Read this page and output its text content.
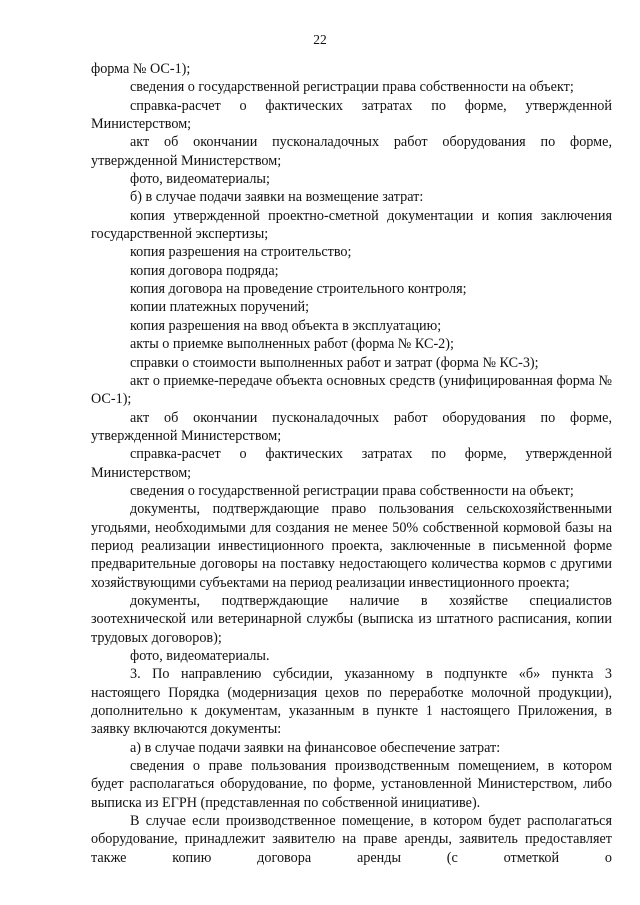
22

форма № ОС-1);

сведения о государственной регистрации права собственности на объект;

справка-расчет о фактических затратах по форме, утвержденной Министерством;

акт об окончании пусконаладочных работ оборудования по форме, утвержденной Министерством;

фото, видеоматериалы;

б) в случае подачи заявки на возмещение затрат:

копия утвержденной проектно-сметной документации и копия заключения государственной экспертизы;

копия разрешения на строительство;

копия договора подряда;

копия договора на проведение строительного контроля;

копии платежных поручений;

копия разрешения на ввод объекта в эксплуатацию;

акты о приемке выполненных работ (форма № КС-2);

справки о стоимости выполненных работ и затрат (форма № КС-3);

акт о приемке-передаче объекта основных средств (унифицированная форма № ОС-1);

акт об окончании пусконаладочных работ оборудования по форме, утвержденной Министерством;

справка-расчет о фактических затратах по форме, утвержденной Министерством;

сведения о государственной регистрации права собственности на объект;

документы, подтверждающие право пользования сельскохозяйственными угодьями, необходимыми для создания не менее 50% собственной кормовой базы на период реализации инвестиционного проекта, заключенные в письменной форме предварительные договоры на поставку недостающего количества кормов с другими хозяйствующими субъектами на период реализации инвестиционного проекта;

документы, подтверждающие наличие в хозяйстве специалистов зоотехнической или ветеринарной службы (выписка из штатного расписания, копии трудовых договоров);

фото, видеоматериалы.

3. По направлению субсидии, указанному в подпункте «б» пункта 3 настоящего Порядка (модернизация цехов по переработке молочной продукции), дополнительно к документам, указанным в пункте 1 настоящего Приложения, в заявку включаются документы:

а) в случае подачи заявки на финансовое обеспечение затрат:

сведения о праве пользования производственным помещением, в котором будет располагаться оборудование, по форме, установленной Министерством, либо выписка из ЕГРН (представленная по собственной инициативе).

В случае если производственное помещение, в котором будет располагаться оборудование, принадлежит заявителю на праве аренды, заявитель предоставляет также копию договора аренды (с отметкой о
